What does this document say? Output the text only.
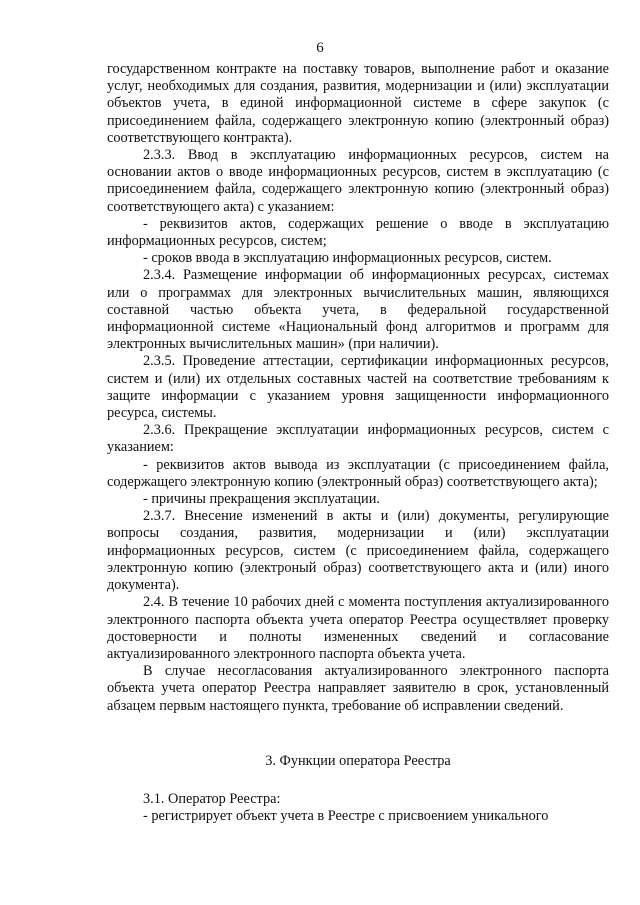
6

государственном контракте на поставку товаров, выполнение работ и оказание услуг, необходимых для создания, развития, модернизации и (или) эксплуатации объектов учета, в единой информационной системе в сфере закупок (с присоединением файла, содержащего электронную копию (электронный образ) соответствующего контракта).

2.3.3. Ввод в эксплуатацию информационных ресурсов, систем на основании актов о вводе информационных ресурсов, систем в эксплуатацию (с присоединением файла, содержащего электронную копию (электронный образ) соответствующего акта) с указанием:

- реквизитов актов, содержащих решение о вводе в эксплуатацию информационных ресурсов, систем;

- сроков ввода в эксплуатацию информационных ресурсов, систем.

2.3.4. Размещение информации об информационных ресурсах, системах или о программах для электронных вычислительных машин, являющихся составной частью объекта учета, в федеральной государственной информационной системе «Национальный фонд алгоритмов и программ для электронных вычислительных машин» (при наличии).

2.3.5. Проведение аттестации, сертификации информационных ресурсов, систем и (или) их отдельных составных частей на соответствие требованиям к защите информации с указанием уровня защищенности информационного ресурса, системы.

2.3.6. Прекращение эксплуатации информационных ресурсов, систем с указанием:

- реквизитов актов вывода из эксплуатации (с присоединением файла, содержащего электронную копию (электронный образ) соответствующего акта);

- причины прекращения эксплуатации.

2.3.7. Внесение изменений в акты и (или) документы, регулирующие вопросы создания, развития, модернизации и (или) эксплуатации информационных ресурсов, систем (с присоединением файла, содержащего электронную копию (электроный образ) соответствующего акта и (или) иного документа).

2.4. В течение 10 рабочих дней с момента поступления актуализированного электронного паспорта объекта учета оператор Реестра осуществляет проверку достоверности и полноты измененных сведений и согласование актуализированного электронного паспорта объекта учета.

В случае несогласования актуализированного электронного паспорта объекта учета оператор Реестра направляет заявителю в срок, установленный абзацем первым настоящего пункта, требование об исправлении сведений.

3. Функции оператора Реестра

3.1. Оператор Реестра:

- регистрирует объект учета в Реестре с присвоением уникального
